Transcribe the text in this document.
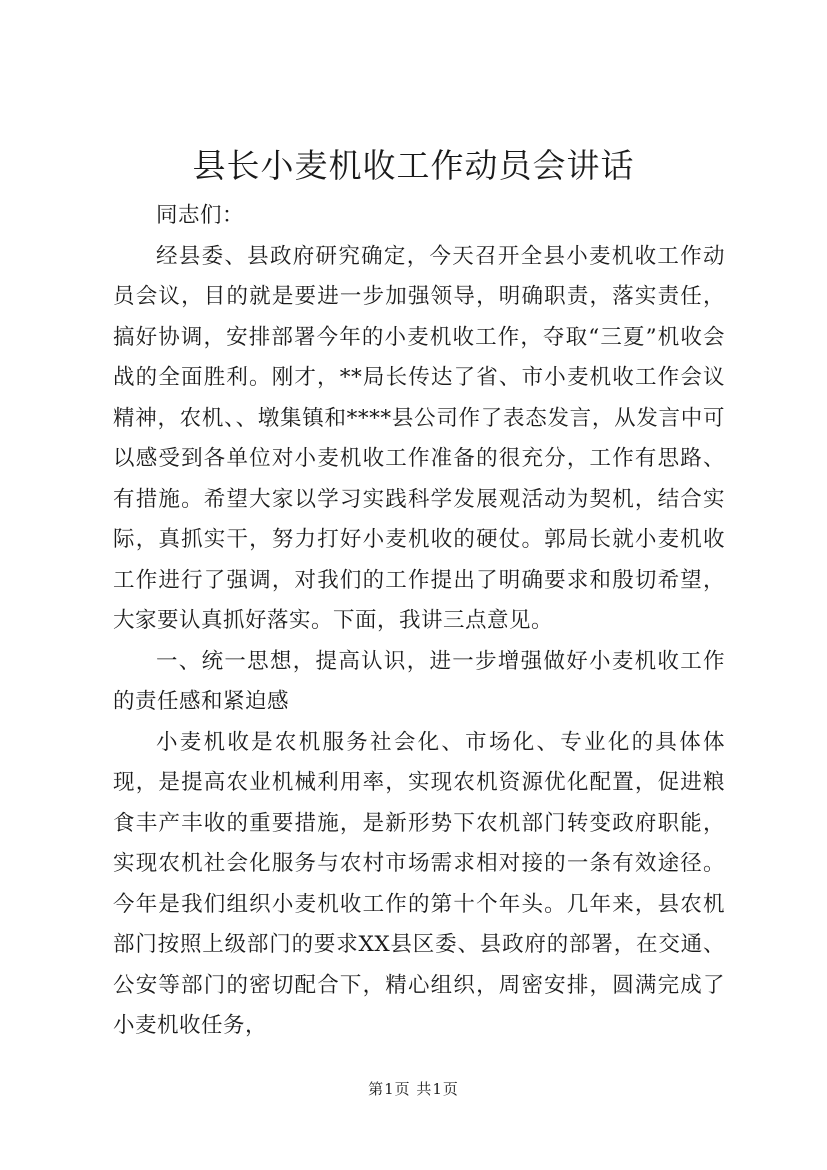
县长小麦机收工作动员会讲话

同志们：

经县委、县政府研究确定，今天召开全县小麦机收工作动员会议，目的就是要进一步加强领导，明确职责，落实责任，搞好协调，安排部署今年的小麦机收工作，夺取“三夏”机收会战的全面胜利。刚才，**局长传达了省、市小麦机收工作会议精神，农机、、墩集镇和****县公司作了表态发言，从发言中可以感受到各单位对小麦机收工作准备的很充分，工作有思路、有措施。希望大家以学习实践科学发展观活动为契机，结合实际，真抓实干，努力打好小麦机收的硬仗。郭局长就小麦机收工作进行了强调，对我们的工作提出了明确要求和殷切希望，大家要认真抓好落实。下面，我讲三点意见。

一、统一思想，提高认识，进一步增强做好小麦机收工作的责任感和紧迫感

小麦机收是农机服务社会化、市场化、专业化的具体体现，是提高农业机械利用率，实现农机资源优化配置，促进粮食丰产丰收的重要措施，是新形势下农机部门转变政府职能，实现农机社会化服务与农村市场需求相对接的一条有效途径。今年是我们组织小麦机收工作的第十个年头。几年来，县农机部门按照上级部门的要求XX县区委、县政府的部署，在交通、公安等部门的密切配合下，精心组织，周密安排，圆满完成了小麦机收任务，

第1页 共1页
